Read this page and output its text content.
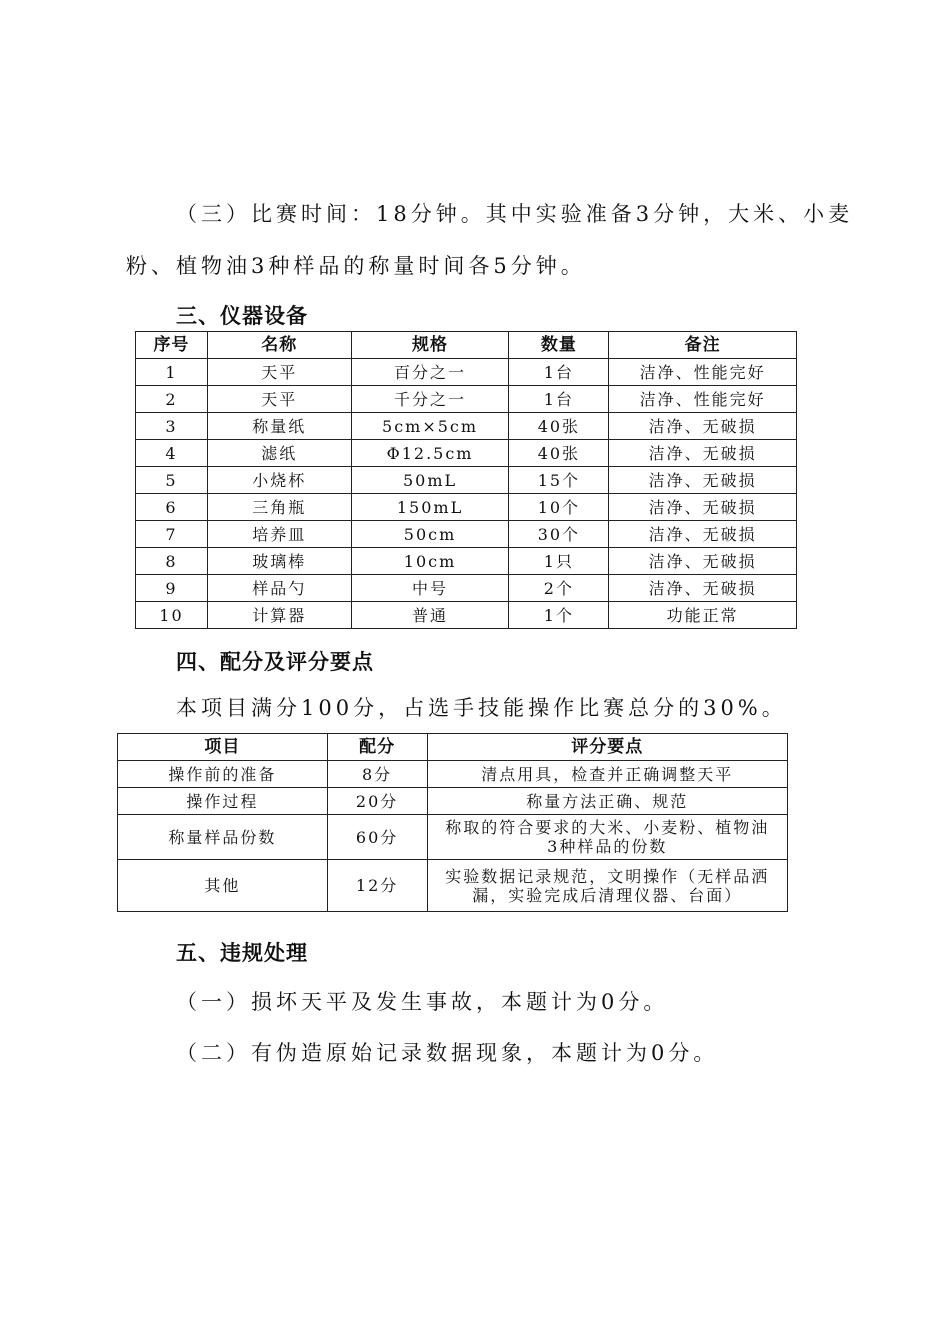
（三）比赛时间：18分钟。其中实验准备3分钟，大米、小麦
粉、植物油3种样品的称量时间各5分钟。
三、仪器设备
序号	名称	规格	数量	备注
1	天平	百分之一	1台	洁净、性能完好
2	天平	千分之一	1台	洁净、性能完好
3	称量纸	5cm×5cm	40张	洁净、无破损
4	滤纸	Φ12.5cm	40张	洁净、无破损
5	小烧杯	50mL	15个	洁净、无破损
6	三角瓶	150mL	10个	洁净、无破损
7	培养皿	50cm	30个	洁净、无破损
8	玻璃棒	10cm	1只	洁净、无破损
9	样品勺	中号	2个	洁净、无破损
10	计算器	普通	1个	功能正常
四、配分及评分要点
本项目满分100分，占选手技能操作比赛总分的30%。
项目	配分	评分要点
操作前的准备	8分	清点用具，检查并正确调整天平
操作过程	20分	称量方法正确、规范
称量样品份数	60分	称取的符合要求的大米、小麦粉、植物油3种样品的份数
其他	12分	实验数据记录规范，文明操作（无样品洒漏，实验完成后清理仪器、台面）
五、违规处理
（一）损坏天平及发生事故，本题计为0分。
（二）有伪造原始记录数据现象，本题计为0分。
